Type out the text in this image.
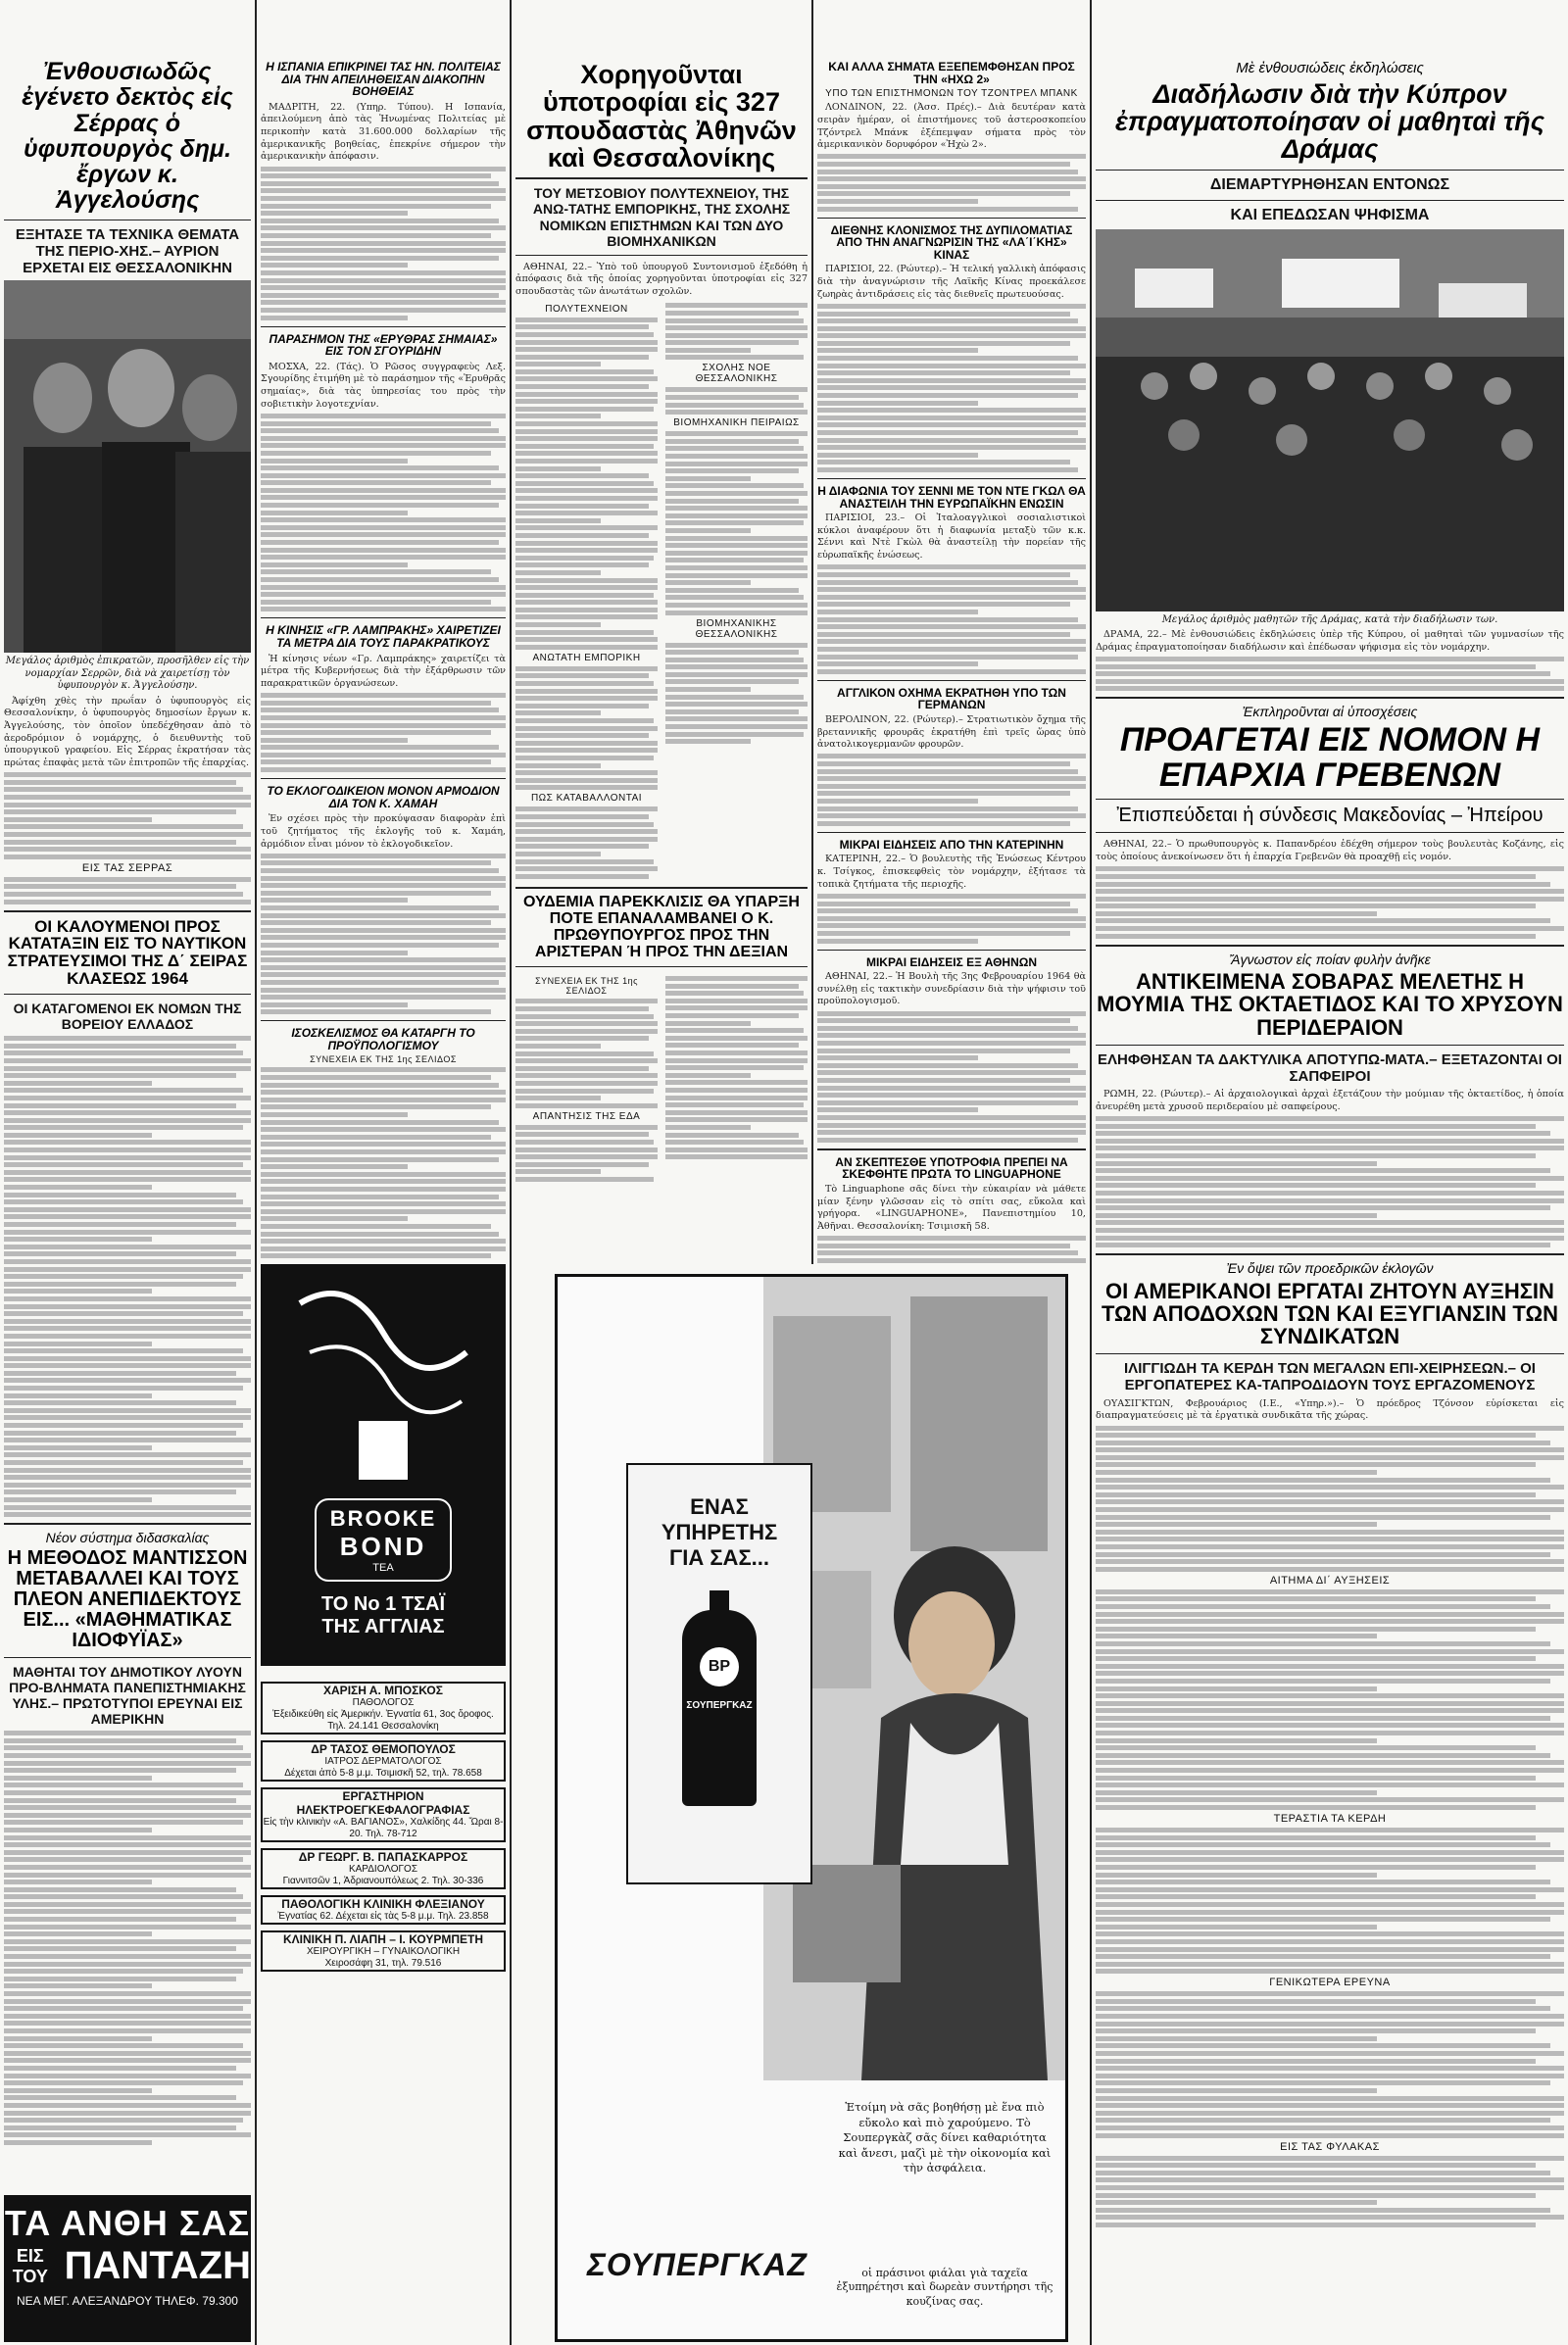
Ἐνθουσιωδῶς ἐγένετο δεκτὸς εἰς Σέρρας ὁ ὑφυπουργὸς δημ. ἔργων κ. Ἀγγελούσης
ΕΞΗΤΑΣΕ ΤΑ ΤΕΧΝΙΚΑ ΘΕΜΑΤΑ ΤΗΣ ΠΕΡΙΟ-ΧΗΣ.– ΑΥΡΙΟΝ ΕΡΧΕΤΑΙ ΕΙΣ ΘΕΣΣΑΛΟΝΙΚΗΝ
Μεγάλος ἀριθμὸς ἐπικρατῶν, προσῆλθεν εἰς τὴν νομαρχίαν Σερρῶν, διὰ νὰ χαιρετίσῃ τὸν ὑφυπουργὸν κ. Ἀγγελούσην.

Ἀφίχθη χθὲς τὴν πρωΐαν ὁ ὑφυπουργὸς εἰς Θεσσαλονίκην, ὁ ὑφυπουργὸς δημοσίων ἔργων κ. Ἀγγελούσης, τὸν ὁποῖον ὑπεδέχθησαν ἀπὸ τὸ ἀεροδρόμιον ὁ νομάρχης, ὁ διευθυντὴς τοῦ ὑπουργικοῦ γραφείου. Εἰς Σέρρας ἐκρατήσαν τὰς πρώτας ἐπαφὰς μετὰ τῶν ἐπιτροπῶν τῆς ἐπαρχίας.

ΕΙΣ ΤΑΣ ΣΕΡΡΑΣ
ΟΙ ΚΑΛΟΥΜΕΝΟΙ ΠΡΟΣ ΚΑΤΑΤΑΞΙΝ ΕΙΣ ΤΟ ΝΑΥΤΙΚΟΝ ΣΤΡΑΤΕΥΣΙΜΟΙ ΤΗΣ Δ΄ ΣΕΙΡΑΣ ΚΛΑΣΕΩΣ 1964
ΟΙ ΚΑΤΑΓΟΜΕΝΟΙ ΕΚ ΝΟΜΩΝ ΤΗΣ ΒΟΡΕΙΟΥ ΕΛΛΑΔΟΣ
Νέον σύστημα διδασκαλίας
Η ΜΕΘΟΔΟΣ ΜΑΝΤΙΣΣΟΝ ΜΕΤΑΒΑΛΛΕΙ ΚΑΙ ΤΟΥΣ ΠΛΕΟΝ ΑΝΕΠΙΔΕΚΤΟΥΣ ΕΙΣ... «ΜΑΘΗΜΑΤΙΚΑΣ ΙΔΙΟΦΥΪΑΣ»
ΜΑΘΗΤΑΙ ΤΟΥ ΔΗΜΟΤΙΚΟΥ ΛΥΟΥΝ ΠΡΟ-ΒΛΗΜΑΤΑ ΠΑΝΕΠΙΣΤΗΜΙΑΚΗΣ ΥΛΗΣ.– ΠΡΩΤΟΤΥΠΟΙ ΕΡΕΥΝΑΙ ΕΙΣ ΑΜΕΡΙΚΗΝ
ΤΑ ΑΝΘΗ ΣΑΣ
ΕΙΣ ΤΟΥ ΠΑΝΤΑΖΗ
ΝΕΑ ΜΕΓ. ΑΛΕΞΑΝΔΡΟΥ ΤΗΛΕΦ. 79.300
Η ΙΣΠΑΝΙΑ ΕΠΙΚΡΙΝΕΙ ΤΑΣ ΗΝ. ΠΟΛΙΤΕΙΑΣ ΔΙΑ ΤΗΝ ΑΠΕΙΛΗΘΕΙΣΑΝ ΔΙΑΚΟΠΗΝ ΒΟΗΘΕΙΑΣ

ΜΑΔΡΙΤΗ, 22. (Υπηρ. Τύπου). Η Ισπανία, ἀπειλούμενη ἀπὸ τὰς Ἡνωμένας Πολιτείας μὲ περικοπὴν κατὰ 31.600.000 δολλαρίων τῆς ἀμερικανικῆς βοηθείας, ἐπεκρίνε σήμερον τὴν ἀμερικανικὴν ἀπόφασιν.

ΠΑΡΑΣΗΜΟΝ ΤΗΣ «ΕΡΥΘΡΑΣ ΣΗΜΑΙΑΣ» ΕΙΣ ΤΟΝ ΣΓΟΥΡΙΔΗΝ

ΜΟΣΧΑ, 22. (Τάς). Ὁ Ρῶσος συγγραφεὺς Λεξ. Σγουρίδης ἐτιμήθη μὲ τὸ παράσημον τῆς «Ἐρυθρᾶς σημαίας», διὰ τὰς ὑπηρεσίας του πρὸς τὴν σοβιετικὴν λογοτεχνίαν.

Η ΚΙΝΗΣΙΣ «ΓΡ. ΛΑΜΠΡΑΚΗΣ» ΧΑΙΡΕΤΙΖΕΙ ΤΑ ΜΕΤΡΑ ΔΙΑ ΤΟΥΣ ΠΑΡΑΚΡΑΤΙΚΟΥΣ

Ἡ κίνησις νέων «Γρ. Λαμπράκης» χαιρετίζει τὰ μέτρα τῆς Κυβερνήσεως διὰ τὴν ἐξάρθρωσιν τῶν παρακρατικῶν ὀργανώσεων.

ΤΟ ΕΚΛΟΓΟΔΙΚΕΙΟΝ ΜΟΝΟΝ ΑΡΜΟΔΙΟΝ ΔΙΑ ΤΟΝ Κ. ΧΑΜΑΗ

Ἐν σχέσει πρὸς τὴν προκύψασαν διαφορὰν ἐπὶ τοῦ ζητήματος τῆς ἐκλογῆς τοῦ κ. Χαμάη, ἀρμόδιον εἶναι μόνον τὸ ἐκλογοδικεῖον.

ΙΣΟΣΚΕΛΙΣΜΟΣ ΘΑ ΚΑΤΑΡΓΗ ΤΟ ΠΡΟΫΠΟΛΟΓΙΣΜΟΥ
ΣΥΝΕΧΕΙΑ ΕΚ ΤΗΣ 1ης ΣΕΛΙΔΟΣ

BROOKE
BOND
TEA
ΤΟ Νο 1 ΤΣΑΪ
ΤΗΣ ΑΓΓΛΙΑΣ
ΧΑΡΙΣΗ Α. ΜΠΟΣΚΟΣ
ΠΑΘΟΛΟΓΟΣ
Ἐξειδικεύθη εἰς Ἀμερικήν. Ἐγνατία 61, 3ος ὄροφος. Τηλ. 24.141 Θεσσαλονίκη
ΔΡ ΤΑΣΟΣ ΘΕΜΟΠΟΥΛΟΣ
ΙΑΤΡΟΣ ΔΕΡΜΑΤΟΛΟΓΟΣ
Δέχεται ἀπὸ 5-8 μ.μ. Τσιμισκῆ 52, τηλ. 78.658
ΕΡΓΑΣΤΗΡΙΟΝ ΗΛΕΚΤΡΟΕΓΚΕΦΑΛΟΓΡΑΦΙΑΣ
Εἰς τὴν κλινικὴν «Α. ΒΑΓΙΑΝΟΣ», Χαλκίδης 44. Ὥραι 8-20. Τηλ. 78-712
ΔΡ ΓΕΩΡΓ. Β. ΠΑΠΑΣΚΑΡΡΟΣ
ΚΑΡΔΙΟΛΟΓΟΣ
Γιαννιτσῶν 1, Ἀδριανουπόλεως 2. Τηλ. 30-336
ΠΑΘΟΛΟΓΙΚΗ ΚΛΙΝΙΚΗ ΦΛΕΞΙΑΝΟΥ
Ἐγνατίας 62. Δέχεται εἰς τὰς 5-8 μ.μ. Τηλ. 23.858
ΚΛΙΝΙΚΗ Π. ΛΙΑΠΗ – Ι. ΚΟΥΡΜΠΕΤΗ
ΧΕΙΡΟΥΡΓΙΚΗ – ΓΥΝΑΙΚΟΛΟΓΙΚΗ
Χειροσάφη 31, τηλ. 79.516
Χορηγοῦνται ὑποτροφίαι εἰς 327 σπουδαστὰς Ἀθηνῶν καὶ Θεσσαλονίκης
ΤΟΥ ΜΕΤΣΟΒΙΟΥ ΠΟΛΥΤΕΧΝΕΙΟΥ, ΤΗΣ ΑΝΩ-ΤΑΤΗΣ ΕΜΠΟΡΙΚΗΣ, ΤΗΣ ΣΧΟΛΗΣ ΝΟΜΙΚΩΝ ΕΠΙΣΤΗΜΩΝ ΚΑΙ ΤΩΝ ΔΥΟ ΒΙΟΜΗΧΑΝΙΚΩΝ

ΑΘΗΝΑΙ, 22.– Ὑπὸ τοῦ ὑπουργοῦ Συντονισμοῦ ἐξεδόθη ἡ ἀπόφασις διὰ τῆς ὁποίας χορηγοῦνται ὑποτροφίαι εἰς 327 σπουδαστὰς τῶν ἀνωτάτων σχολῶν.

ΠΟΛΥΤΕΧΝΕΙΟΝ
ΑΝΩΤΑΤΗ ΕΜΠΟΡΙΚΗ
ΠΩΣ ΚΑΤΑΒΑΛΛΟΝΤΑΙ
ΣΧΟΛΗΣ ΝΟΕ ΘΕΣΣΑΛΟΝΙΚΗΣ
ΒΙΟΜΗΧΑΝΙΚΗ ΠΕΙΡΑΙΩΣ
ΒΙΟΜΗΧΑΝΙΚΗΣ ΘΕΣΣΑΛΟΝΙΚΗΣ
ΟΥΔΕΜΙΑ ΠΑΡΕΚΚΛΙΣΙΣ ΘΑ ΥΠΑΡΞΗ ΠΟΤΕ ΕΠΑΝΑΛΑΜΒΑΝΕΙ Ο Κ. ΠΡΩΘΥΠΟΥΡΓΟΣ ΠΡΟΣ ΤΗΝ ΑΡΙΣΤΕΡΑΝ Ή ΠΡΟΣ ΤΗΝ ΔΕΞΙΑΝ
ΣΥΝΕΧΕΙΑ ΕΚ ΤΗΣ 1ης ΣΕΛΙΔΟΣ
ΑΠΑΝΤΗΣΙΣ ΤΗΣ ΕΔΑ
ΚΑΙ ΑΛΛΑ ΣΗΜΑΤΑ ΕΞΕΠΕΜΦΘΗΣΑΝ ΠΡΟΣ ΤΗΝ «ΗΧΩ 2»
ΥΠΟ ΤΩΝ ΕΠΙΣΤΗΜΟΝΩΝ ΤΟΥ ΤΖΟΝΤΡΕΛ ΜΠΑΝΚ

ΛΟΝΔΙΝΟΝ, 22. (Ἀσσ. Πρές).– Διὰ δευτέραν κατὰ σειρὰν ἡμέραν, οἱ ἐπιστήμονες τοῦ ἀστεροσκοπείου Τζόντρελ Μπάνκ ἐξέπεμψαν σήματα πρὸς τὸν ἀμερικανικὸν δορυφόρον «Ἠχὼ 2».

ΔΙΕΘΝΗΣ ΚΛΟΝΙΣΜΟΣ ΤΗΣ ΔΥΠΙΛΟΜΑΤΙΑΣ ΑΠΟ ΤΗΝ ΑΝΑΓΝΩΡΙΣΙΝ ΤΗΣ «ΛΑ΄Ι΄ΚΗΣ» ΚΙΝΑΣ

ΠΑΡΙΣΙΟΙ, 22. (Ρώυτερ).– Ἡ τελική γαλλικὴ ἀπόφασις διὰ τὴν ἀναγνώρισιν τῆς Λαϊκῆς Κίνας προεκάλεσε ζωηρὰς ἀντιδράσεις εἰς τὰς διεθνεῖς πρωτευούσας.

Η ΔΙΑΦΩΝΙΑ ΤΟΥ ΣΕΝΝΙ ΜΕ ΤΟΝ ΝΤΕ ΓΚΩΛ ΘΑ ΑΝΑΣΤΕΙΛΗ ΤΗΝ ΕΥΡΩΠΑΪΚΗΝ ΕΝΩΣΙΝ

ΠΑΡΙΣΙΟΙ, 23.– Οἱ Ἰταλοαγγλικοὶ σοσιαλιστικοὶ κύκλοι ἀναφέρουν ὅτι ἡ διαφωνία μεταξὺ τῶν κ.κ. Σέννι καὶ Ντὲ Γκὼλ θὰ ἀναστείλῃ τὴν πορείαν τῆς εὐρωπαϊκῆς ἑνώσεως.

ΑΓΓΛΙΚΟΝ ΟΧΗΜΑ ΕΚΡΑΤΗΘΗ ΥΠΟ ΤΩΝ ΓΕΡΜΑΝΩΝ

ΒΕΡΟΛΙΝΟΝ, 22. (Ρώυτερ).– Στρατιωτικὸν ὄχημα τῆς βρεταννικῆς φρουρᾶς ἐκρατήθη ἐπὶ τρεῖς ὥρας ὑπὸ ἀνατολικογερμανῶν φρουρῶν.

ΜΙΚΡΑΙ ΕΙΔΗΣΕΙΣ ΑΠΟ ΤΗΝ ΚΑΤΕΡΙΝΗΝ

ΚΑΤΕΡΙΝΗ, 22.– Ὁ βουλευτὴς τῆς Ἑνώσεως Κέντρου κ. Τσίγκος, ἐπισκεφθεὶς τὸν νομάρχην, ἐξήτασε τὰ τοπικὰ ζητήματα τῆς περιοχῆς.

ΜΙΚΡΑΙ ΕΙΔΗΣΕΙΣ ΕΞ ΑΘΗΝΩΝ

ΑΘΗΝΑΙ, 22.– Ἡ Βουλὴ τῆς 3ης Φεβρουαρίου 1964 θὰ συνέλθῃ εἰς τακτικὴν συνεδρίασιν διὰ τὴν ψήφισιν τοῦ προϋπολογισμοῦ.

ΑΝ ΣΚΕΠΤΕΣΘΕ ΥΠΟΤΡΟΦΙΑ ΠΡΕΠΕΙ ΝΑ ΣΚΕΦΘΗΤΕ ΠΡΩΤΑ ΤΟ LINGUAPHONE

Τὸ Linguaphone σᾶς δίνει τὴν εὐκαιρίαν νὰ μάθετε μίαν ξένην γλῶσσαν εἰς τὸ σπίτι σας, εὔκολα καὶ γρήγορα. «LINGUAPHONE», Πανεπιστημίου 10, Ἀθῆναι. Θεσσαλονίκη: Τσιμισκῆ 58.

ΕΝΑΣ
ΥΠΗΡΕΤΗΣ
ΓΙΑ ΣΑΣ...
BP
ΣΟΥΠΕΡΓΚΑΖ
Ἑτοίμη νὰ σᾶς βοηθήσῃ μὲ ἕνα πιὸ εὔκολο καὶ πιὸ χαρούμενο. Τὸ Σουπεργκὰζ σᾶς δίνει καθαριότητα καὶ ἄνεσι, μαζὶ μὲ τὴν οἰκονομία καὶ τὴν ἀσφάλεια.
ΣΟΥΠΕΡΓΚΑΖ	οἱ πράσινοι φιάλαι γιὰ ταχεῖα ἐξυπηρέτησι καὶ δωρεὰν συντήρησι τῆς κουζίνας σας.
Μὲ ἐνθουσιώδεις ἐκδηλώσεις
Διαδήλωσιν διὰ τὴν Κύπρον ἐπραγματοποίησαν οἱ μαθηταὶ τῆς Δράμας
ΔΙΕΜΑΡΤΥΡΗΘΗΣΑΝ ΕΝΤΟΝΩΣ
ΚΑΙ ΕΠΕΔΩΣΑΝ ΨΗΦΙΣΜΑ
Μεγάλος ἀριθμὸς μαθητῶν τῆς Δράμας, κατὰ τὴν διαδήλωσιν των.

ΔΡΑΜΑ, 22.– Μὲ ἐνθουσιώδεις ἐκδηλώσεις ὑπὲρ τῆς Κύπρου, οἱ μαθηταὶ τῶν γυμνασίων τῆς Δράμας ἐπραγματοποίησαν διαδήλωσιν καὶ ἐπέδωσαν ψήφισμα εἰς τὸν νομάρχην.

Ἐκπληροῦνται αἱ ὑποσχέσεις
ΠΡΟΑΓΕΤΑΙ ΕΙΣ ΝΟΜΟΝ Η ΕΠΑΡΧΙΑ ΓΡΕΒΕΝΩΝ
Ἐπισπεύδεται ἡ σύνδεσις Μακεδονίας – Ἠπείρου

ΑΘΗΝΑΙ, 22.– Ὁ πρωθυπουργὸς κ. Παπανδρέου ἐδέχθη σήμερον τοὺς βουλευτὰς Κοζάνης, εἰς τοὺς ὁποίους ἀνεκοίνωσεν ὅτι ἡ ἐπαρχία Γρεβενῶν θὰ προαχθῇ εἰς νομόν.

Ἄγνωστον εἰς ποίαν φυλὴν ἀνῆκε
ΑΝΤΙΚΕΙΜΕΝΑ ΣΟΒΑΡΑΣ ΜΕΛΕΤΗΣ Η ΜΟΥΜΙΑ ΤΗΣ ΟΚΤΑΕΤΙΔΟΣ ΚΑΙ ΤΟ ΧΡΥΣΟΥΝ ΠΕΡΙΔΕΡΑΙΟΝ
ΕΛΗΦΘΗΣΑΝ ΤΑ ΔΑΚΤΥΛΙΚΑ ΑΠΟΤΥΠΩ-ΜΑΤΑ.– ΕΞΕΤΑΖΟΝΤΑΙ ΟΙ ΣΑΠΦΕΙΡΟΙ

ΡΩΜΗ, 22. (Ρώυτερ).– Αἱ ἀρχαιολογικαὶ ἀρχαὶ ἐξετάζουν τὴν μούμιαν τῆς ὀκταετίδος, ἡ ὁποία ἀνευρέθη μετὰ χρυσοῦ περιδεραίου μὲ σαπφείρους.

Ἐν ὄψει τῶν προεδρικῶν ἐκλογῶν
ΟΙ ΑΜΕΡΙΚΑΝΟΙ ΕΡΓΑΤΑΙ ΖΗΤΟΥΝ ΑΥΞΗΣΙΝ ΤΩΝ ΑΠΟΔΟΧΩΝ ΤΩΝ ΚΑΙ ΕΞΥΓΙΑΝΣΙΝ ΤΩΝ ΣΥΝΔΙΚΑΤΩΝ
ΙΛΙΓΓΙΩΔΗ ΤΑ ΚΕΡΔΗ ΤΩΝ ΜΕΓΑΛΩΝ ΕΠΙ-ΧΕΙΡΗΣΕΩΝ.– ΟΙ ΕΡΓΟΠΑΤΕΡΕΣ ΚΑ-ΤΑΠΡΟΔΙΔΟΥΝ ΤΟΥΣ ΕΡΓΑΖΟΜΕΝΟΥΣ

ΟΥΑΣΙΓΚΤΩΝ, Φεβρουάριος (Ι.Ε., «Υπηρ.»).– Ὁ πρόεδρος Τζόνσον εὑρίσκεται εἰς διαπραγματεύσεις μὲ τὰ ἐργατικὰ συνδικᾶτα τῆς χώρας.

ΑΙΤΗΜΑ ΔΙ΄ ΑΥΞΗΣΕΙΣ
ΤΕΡΑΣΤΙΑ ΤΑ ΚΕΡΔΗ
ΓΕΝΙΚΩΤΕΡΑ ΕΡΕΥΝΑ
ΕΙΣ ΤΑΣ ΦΥΛΑΚΑΣ
